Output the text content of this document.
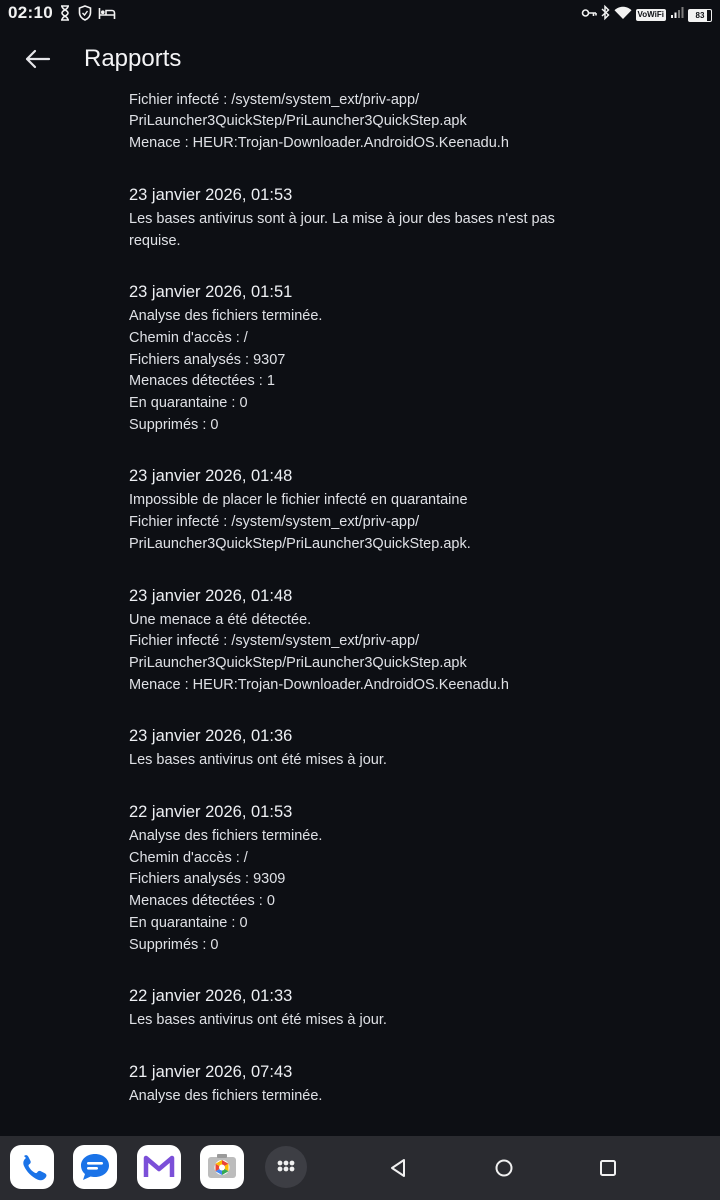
02:10	VoWiFi	83
Rapports
Fichier infecté : /system/system_ext/priv-app/
PriLauncher3QuickStep/PriLauncher3QuickStep.apk
Menace : HEUR:Trojan-Downloader.AndroidOS.Keenadu.h
23 janvier 2026, 01:53
Les bases antivirus sont à jour. La mise à jour des bases n'est pas
requise.
23 janvier 2026, 01:51
Analyse des fichiers terminée.
Chemin d'accès : /
Fichiers analysés : 9307
Menaces détectées : 1
En quarantaine : 0
Supprimés : 0
23 janvier 2026, 01:48
Impossible de placer le fichier infecté en quarantaine
Fichier infecté : /system/system_ext/priv-app/
PriLauncher3QuickStep/PriLauncher3QuickStep.apk.
23 janvier 2026, 01:48
Une menace a été détectée.
Fichier infecté : /system/system_ext/priv-app/
PriLauncher3QuickStep/PriLauncher3QuickStep.apk
Menace : HEUR:Trojan-Downloader.AndroidOS.Keenadu.h
23 janvier 2026, 01:36
Les bases antivirus ont été mises à jour.
22 janvier 2026, 01:53
Analyse des fichiers terminée.
Chemin d'accès : /
Fichiers analysés : 9309
Menaces détectées : 0
En quarantaine : 0
Supprimés : 0
22 janvier 2026, 01:33
Les bases antivirus ont été mises à jour.
21 janvier 2026, 07:43
Analyse des fichiers terminée.
